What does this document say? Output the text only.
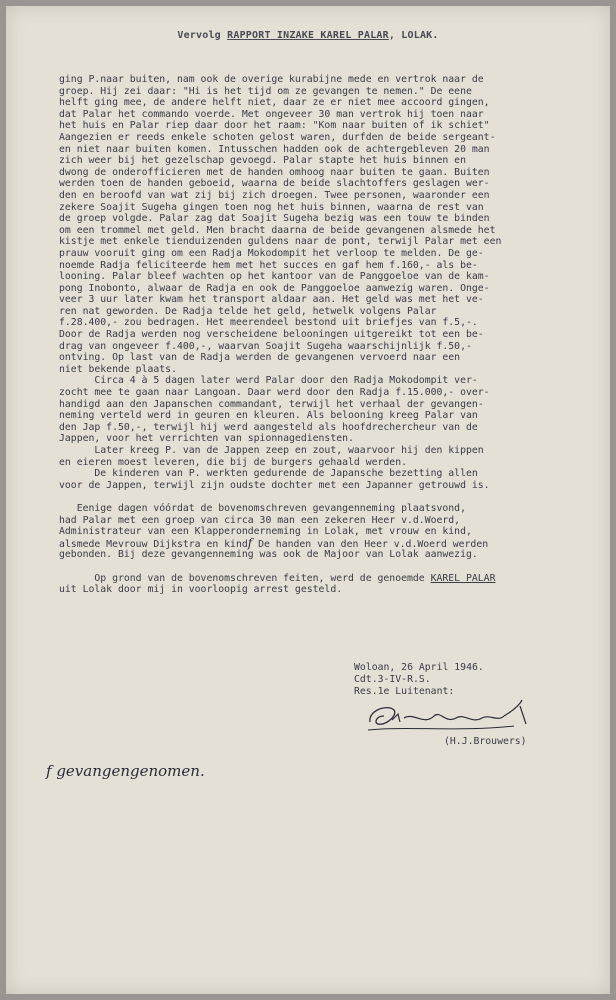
Vervolg RAPPORT INZAKE KAREL PALAR, LOLAK.
ging P.naar buiten, nam ook de overige kurabijne mede en vertrok naar de
groep. Hij zei daar: "Hi is het tijd om ze gevangen te nemen." De eene
helft ging mee, de andere helft niet, daar ze er niet mee accoord gingen,
dat Palar het commando voerde. Met ongeveer 30 man vertrok hij toen naar
het huis en Palar riep daar door het raam: "Kom naar buiten of ik schiet"
Aangezien er reeds enkele schoten gelost waren, durfden de beide sergeant-
en niet naar buiten komen. Intusschen hadden ook de achtergebleven 20 man
zich weer bij het gezelschap gevoegd. Palar stapte het huis binnen en
dwong de onderofficieren met de handen omhoog naar buiten te gaan. Buiten
werden toen de handen geboeid, waarna de beide slachtoffers geslagen wer-
den en beroofd van wat zij bij zich droegen. Twee personen, waaronder een
zekere Soajit Sugeha gingen toen nog het huis binnen, waarna de rest van
de groep volgde. Palar zag dat Soajit Sugeha bezig was een touw te binden
om een trommel met geld. Men bracht daarna de beide gevangenen alsmede het
kistje met enkele tienduizenden guldens naar de pont, terwijl Palar met een
prauw vooruit ging om een Radja Mokodompit het verloop te melden. De ge-
noemde Radja feliciteerde hem met het succes en gaf hem f.160,- als be-
looning. Palar bleef wachten op het kantoor van de Panggoeloe van de kam-
pong Inobonto, alwaar de Radja en ook de Panggoeloe aanwezig waren. Onge-
veer 3 uur later kwam het transport aldaar aan. Het geld was met het ve-
ren nat geworden. De Radja telde het geld, hetwelk volgens Palar
f.28.400,- zou bedragen. Het meerendeel bestond uit briefjes van f.5,-.
Door de Radja werden nog verscheidene belooningen uitgereikt tot een be-
drag van ongeveer f.400,-, waarvan Soajit Sugeha waarschijnlijk f.50,-
ontving. Op last van de Radja werden de gevangenen vervoerd naar een
niet bekende plaats.
Circa 4 à 5 dagen later werd Palar door den Radja Mokodompit ver-
zocht mee te gaan naar Langoan. Daar werd door den Radja f.15.000,- over-
handigd aan den Japanschen commandant, terwijl het verhaal der gevangen-
neming verteld werd in geuren en kleuren. Als belooning kreeg Palar van
den Jap f.50,-, terwijl hij werd aangesteld als hoofdrechercheur van de
Jappen, voor het verrichten van spionnagediensten.
Later kreeg P. van de Jappen zeep en zout, waarvoor hij den kippen
en eieren moest leveren, die bij de burgers gehaald werden.
De kinderen van P. werkten gedurende de Japansche bezetting allen
voor de Jappen, terwijl zijn oudste dochter met een Japanner getrouwd is.
Eenige dagen vóórdat de bovenomschreven gevangenneming plaatsvond,
had Palar met een groep van circa 30 man een zekeren Heer v.d.Woerd,
Administrateur van een Klapperonderneming in Lolak, met vrouw en kind,
alsmede Mevrouw Dijkstra en kindf De handen van den Heer v.d.Woerd werden
gebonden. Bij deze gevangenneming was ook de Majoor van Lolak aanwezig.
Op grond van de bovenomschreven feiten, werd de genoemde KAREL PALAR
uit Lolak door mij in voorloopig arrest gesteld.
Woloan, 26 April 1946.
Cdt.3-IV-R.S.
Res.1e Luitenant:
(H.J.Brouwers)
f gevangengenomen.
